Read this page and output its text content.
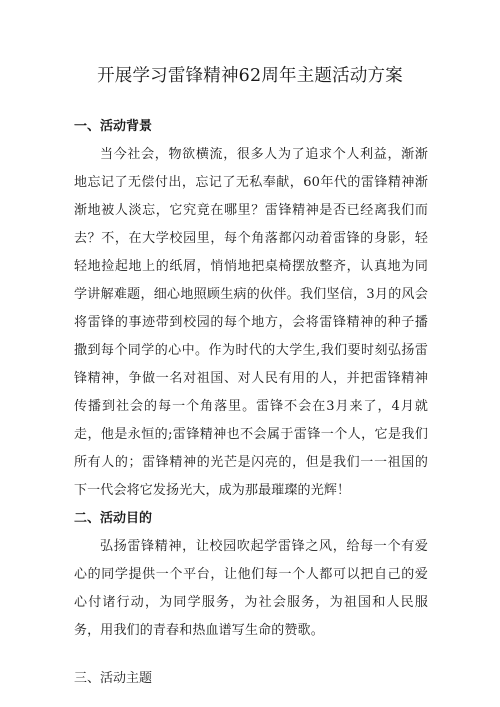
开展学习雷锋精神62周年主题活动方案

一、活动背景

当今社会，物欲横流，很多人为了追求个人利益，渐渐地忘记了无偿付出，忘记了无私奉献，60年代的雷锋精神渐渐地被人淡忘，它究竟在哪里？雷锋精神是否已经离我们而去？不，在大学校园里，每个角落都闪动着雷锋的身影，轻轻地捡起地上的纸屑，悄悄地把桌椅摆放整齐，认真地为同学讲解难题，细心地照顾生病的伙伴。我们坚信，3月的风会将雷锋的事迹带到校园的每个地方，会将雷锋精神的种子播撒到每个同学的心中。作为时代的大学生,我们要时刻弘扬雷锋精神，争做一名对祖国、对人民有用的人，并把雷锋精神传播到社会的每一个角落里。雷锋不会在3月来了，4月就走，他是永恒的;雷锋精神也不会属于雷锋一个人，它是我们所有人的；雷锋精神的光芒是闪亮的，但是我们一一祖国的下一代会将它发扬光大，成为那最璀璨的光辉！

二、活动目的

弘扬雷锋精神，让校园吹起学雷锋之风，给每一个有爱心的同学提供一个平台，让他们每一个人都可以把自己的爱心付诸行动，为同学服务，为社会服务，为祖国和人民服务，用我们的青春和热血谱写生命的赞歌。

三、活动主题
